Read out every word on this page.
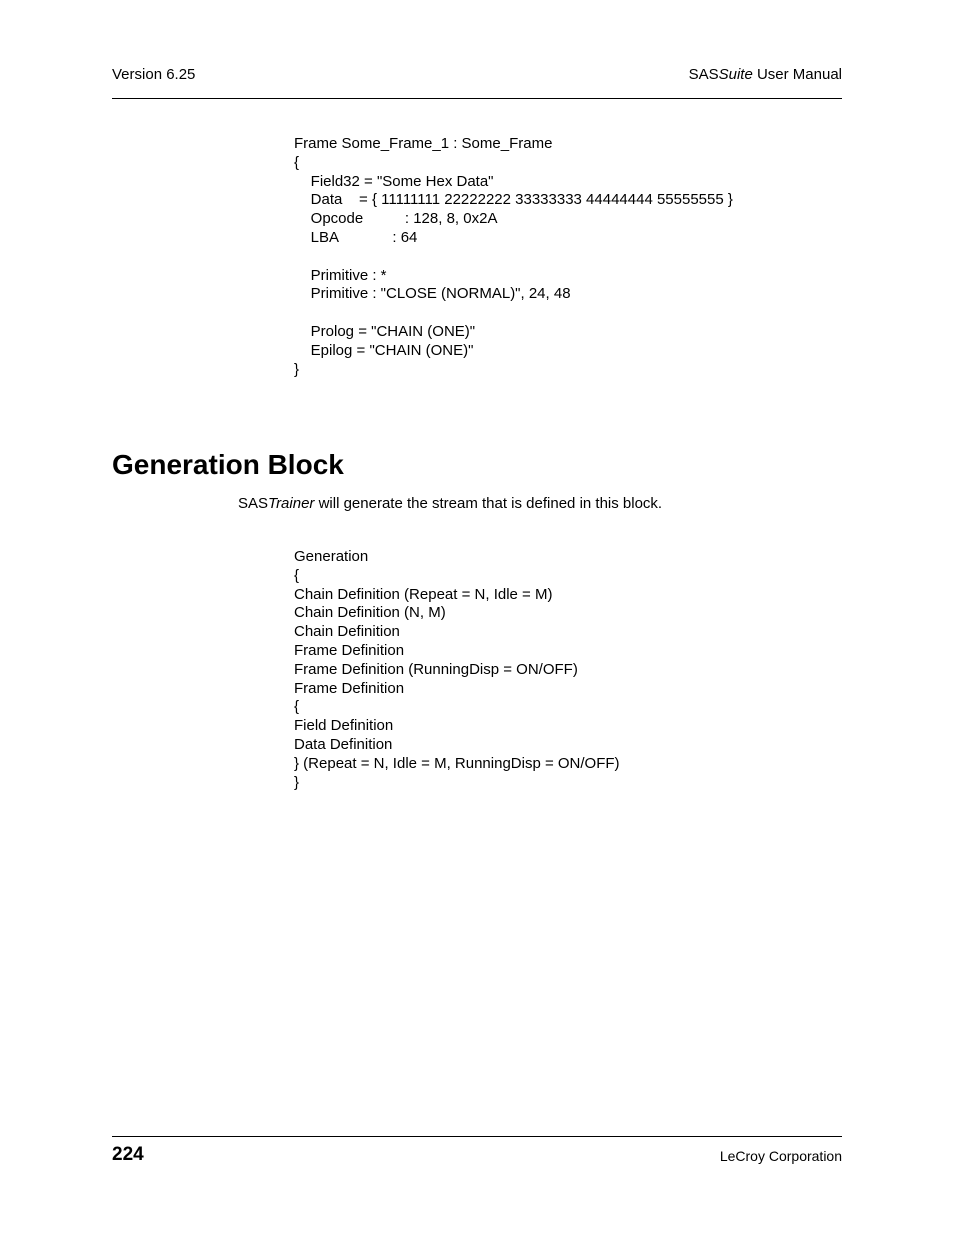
Version 6.25	SASSuite User Manual
Frame Some_Frame_1 : Some_Frame
{
Field32 = "Some Hex Data"
Data    = { 11111111 22222222 33333333 44444444 55555555 }
Opcode          : 128, 8, 0x2A
LBA             : 64
Primitive : *
Primitive : "CLOSE (NORMAL)", 24, 48
Prolog = "CHAIN (ONE)"
Epilog = "CHAIN (ONE)"
}
Generation Block

SASTrainer will generate the stream that is defined in this block.

Generation
{
Chain Definition (Repeat = N, Idle = M)
Chain Definition (N, M)
Chain Definition
Frame Definition
Frame Definition (RunningDisp = ON/OFF)
Frame Definition
{
Field Definition
Data Definition
} (Repeat = N, Idle = M, RunningDisp = ON/OFF)
}
224	LeCroy Corporation
